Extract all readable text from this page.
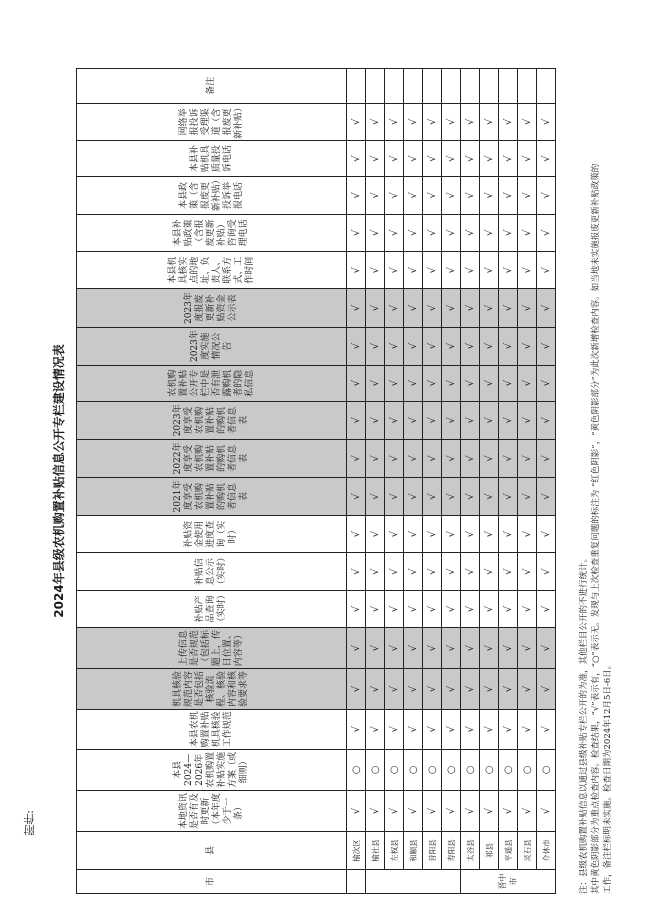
附件:
2024年县级农机购置补贴信息公开专栏建设情况表
市	县	本地资讯是否有及时更新（本年度少于一条）	本县2024—2026年农机购置补贴实施方案（或细则）	本县农机购置补贴机具核验工作规范	机具核验规范内容是否包括核验流程、核验内容和核验要求等	上传信息是否规范（包括标题上，传日位置、内容等）	补贴产品查询（实时）	补贴信息公示（实时）	补贴资金使用进度查询（实时）	2021年度享受农机购置补贴的购机者信息表	2022年度享受农机购置补贴的购机者信息表	2023年度享受农机购置补贴的购机者信息表	农机购置补贴公开专栏中是否有泄露购机者的隐私信息	2023年度实施情况公告	2023年度报废更新补贴资金公示表	本县机具核实点的地址、负责人、联系方式、工作时间	本县补贴政策（含报废更新补贴）咨询受理电话	本县政策（含报废更新补贴）投诉举报电话	本县补贴机具质量投诉电话	网络举报投诉受理渠道（含报废更新补贴）	备注
	榆次区	√	○	√	√	√	√	√	√	√	√	√	√	√	√	√	√	√	√	√	
	榆社县	√	○	√	√	√	√	√	√	√	√	√	√	√	√	√	√	√	√	√	
	左权县	√	○	√	√	√	√	√	√	√	√	√	√	√	√	√	√	√	√	√	
	和顺县	√	○	√	√	√	√	√	√	√	√	√	√	√	√	√	√	√	√	√	
	昔阳县	√	○	√	√	√	√	√	√	√	√	√	√	√	√	√	√	√	√	√	
	寿阳县	√	○	√	√	√	√	√	√	√	√	√	√	√	√	√	√	√	√	√	
晋中市	太谷县	√	○	√	√	√	√	√	√	√	√	√	√	√	√	√	√	√	√	√	
	祁县	√	○	√	√	√	√	√	√	√	√	√	√	√	√	√	√	√	√	√	
	平遥县	√	○	√	√	√	√	√	√	√	√	√	√	√	√	√	√	√	√	√	
	灵石县	√	○	√	√	√	√	√	√	√	√	√	√	√	√	√	√	√	√	√	
	介休市	√	○	√	√	√	√	√	√	√	√	√	√	√	√	√	√	√	√	√	
注：县级农机购置补贴信息以通过县级补贴专栏公开的为准，其他栏目公开的不进行统计。 其中黄色阴影部分为重点检查内容。检查结果，“√”表示有，“○”表示无。发现与上次检查重复问题的标注为 “红色阴影”，“黄色阴影部分”为此次新增检查内容。如当地未实施报废更新补贴政策的 工作，备注栏标明未实施。检查日期为2024年12月5日-6日。
